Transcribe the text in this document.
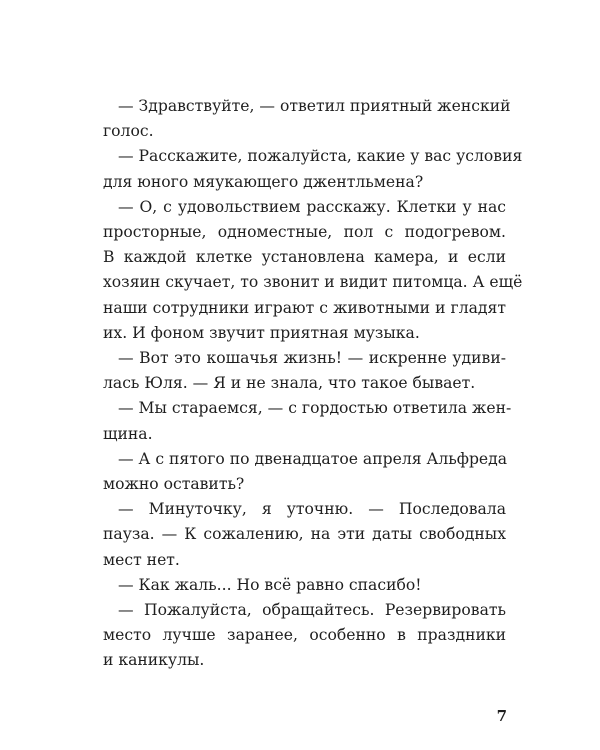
— Здравствуйте, — ответил приятный женский
голос.

— Расскажите, пожалуйста, какие у вас условия
для юного мяукающего джентльмена?

— О, с удовольствием расскажу. Клетки у нас
просторные, одноместные, пол с подогревом.
В каждой клетке установлена камера, и если
хозяин скучает, то звонит и видит питомца. А ещё
наши сотрудники играют с животными и гладят
их. И фоном звучит приятная музыка.

— Вот это кошачья жизнь! — искренне удиви-
лась Юля. — Я и не знала, что такое бывает.

— Мы стараемся, — с гордостью ответила жен-
щина.

— А с пятого по двенадцатое апреля Альфреда
можно оставить?

— Минуточку, я уточню. — Последовала
пауза. — К сожалению, на эти даты свободных
мест нет.

— Как жаль... Но всё равно спасибо!

— Пожалуйста, обращайтесь. Резервировать
место лучше заранее, особенно в праздники
и каникулы.

7
